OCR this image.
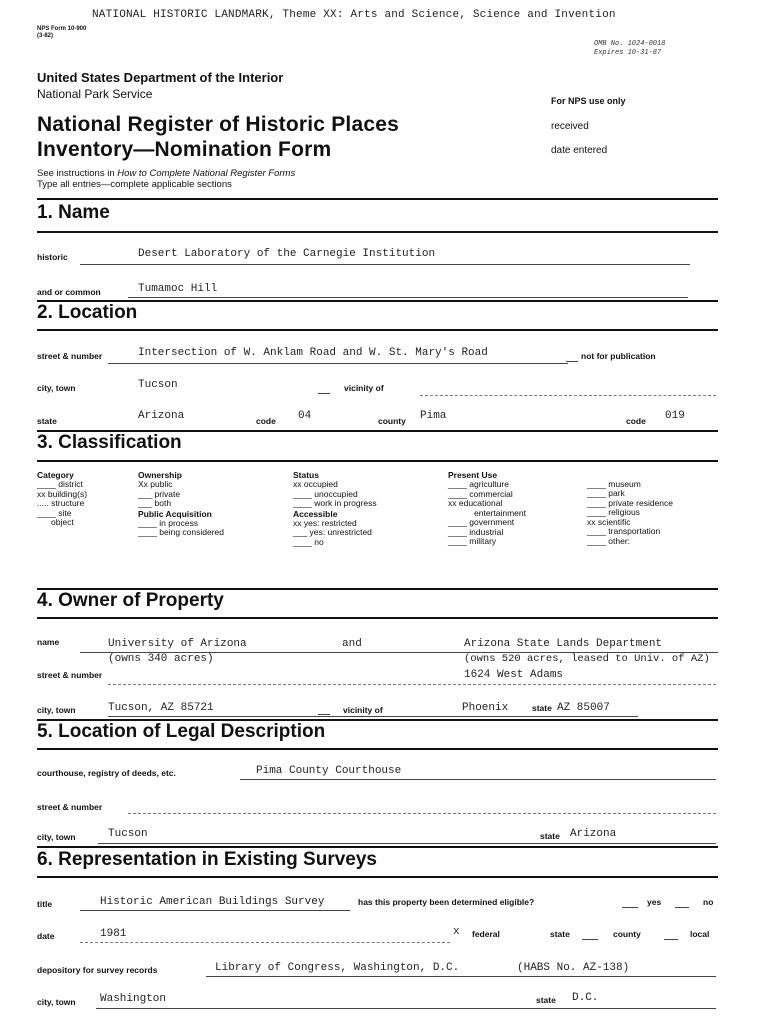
NATIONAL HISTORIC LANDMARK, Theme XX: Arts and Science, Science and Invention
NPS Form 10-900
(3-82)
OMB No. 1024-0018
Expires 10-31-87
United States Department of the Interior
National Park Service
National Register of Historic Places
Inventory—Nomination Form
For NPS use only
received
date entered
See instructions in How to Complete National Register Forms
Type all entries—complete applicable sections
1. Name
historic	Desert Laboratory of the Carnegie Institution
and or common	Tumamoc Hill
2. Location
street & number	Intersection of W. Anklam Road and W. St. Mary's Road	not for publication
city, town	Tucson	vicinity of
state	Arizona	code 04	county Pima	code 019
3. Classification
Category
____ district
xx building(s)
..... structure
____ site
object
Ownership
Xx public
___ private
___ both
Public Acquisition
____ in process
____ being considered
Status
xx occupied
____ unoccupied
____ work in progress
Accessible
xx yes: restricted
___ yes: unrestricted
____ no
Present Use
____ agriculture
____ commercial
xx educational
entertainment
____ government
____ industrial
____ military
____ museum
____ park
____ private residence
____ religious
xx scientific
____ transportation
____ other:
4. Owner of Property
name	University of Arizona	and	Arizona State Lands Department
(owns 340 acres)	(owns 520 acres, leased to Univ. of AZ)
street & number	1624 West Adams
city, town	Tucson, AZ 85721	vicinity of	Phoenix	state AZ 85007
5. Location of Legal Description
courthouse, registry of deeds, etc.	Pima County Courthouse
street & number
city, town	Tucson	state Arizona
6. Representation in Existing Surveys
title	Historic American Buildings Survey	has this property been determined eligible?	yes	no
date	1981	x federal	state	county	local
depository for survey records	Library of Congress, Washington, D.C.	(HABS No. AZ-138)
city, town Washington	state D.C.
